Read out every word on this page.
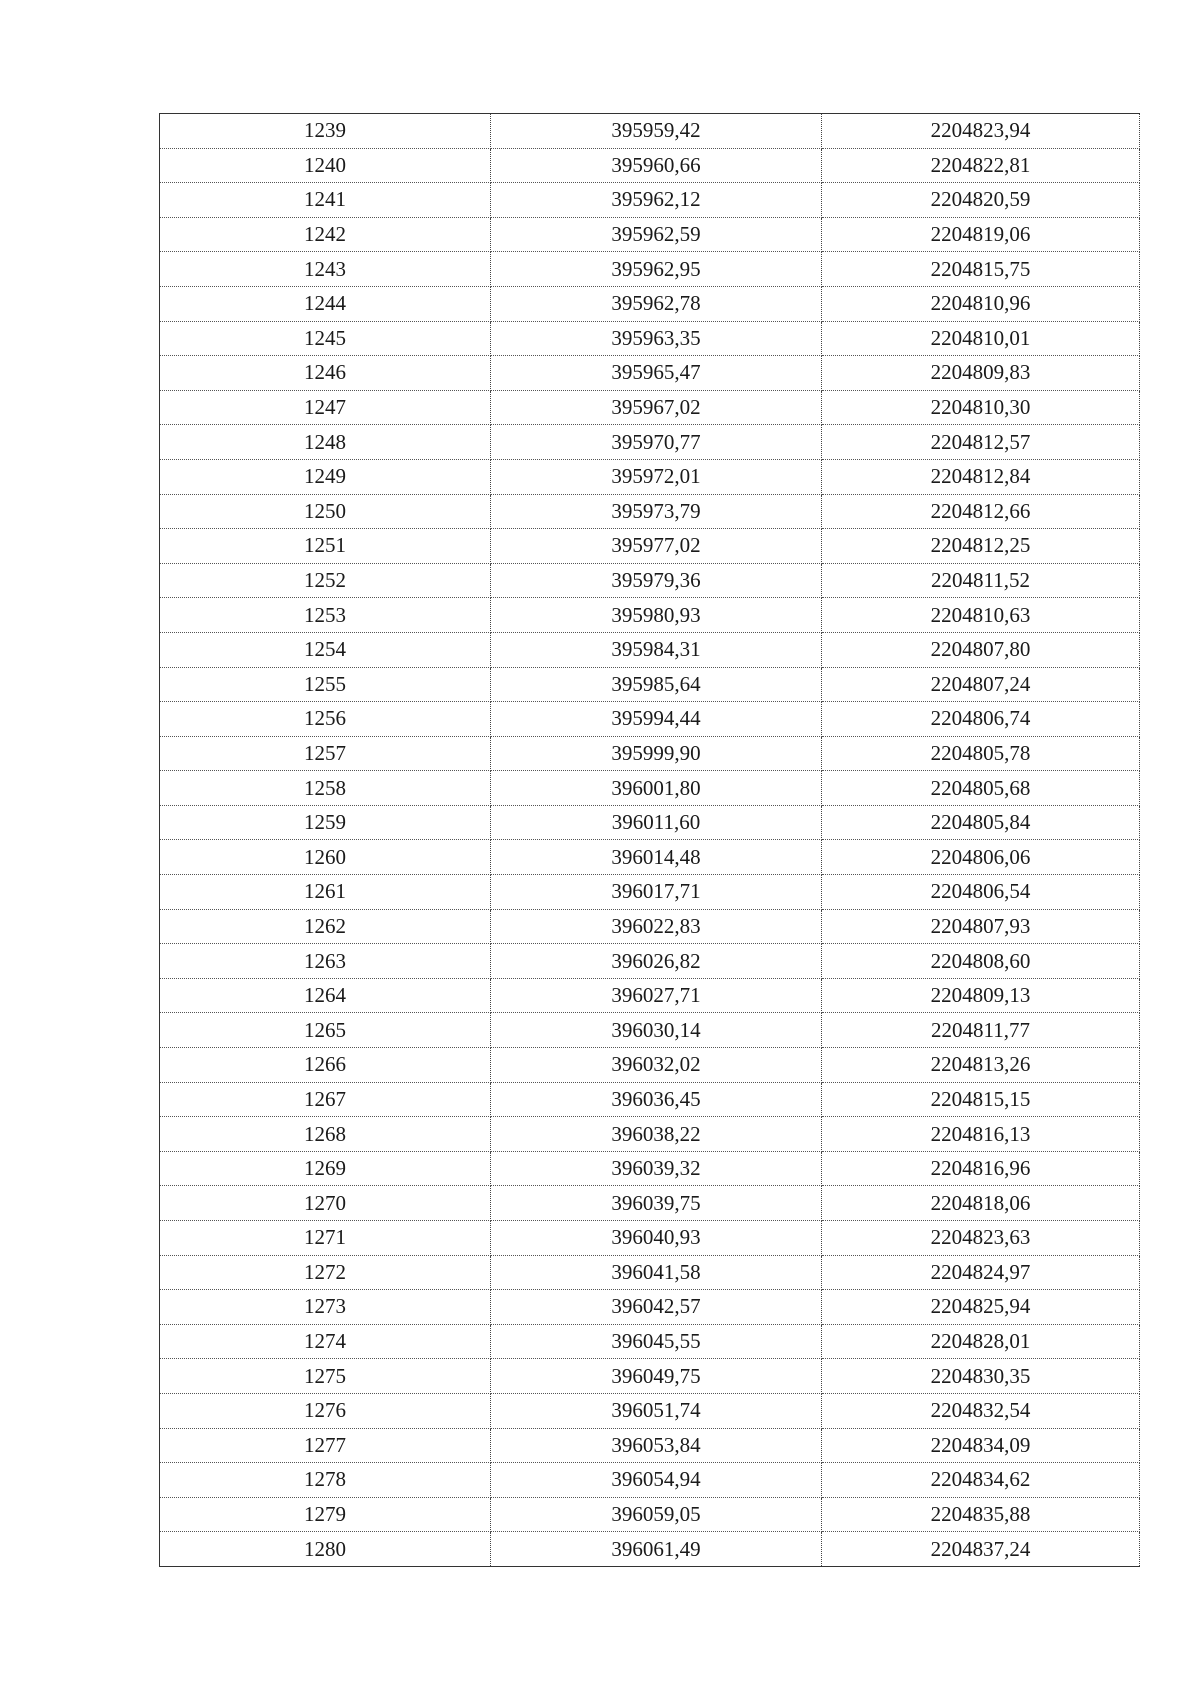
1239	395959,42	2204823,94
1240	395960,66	2204822,81
1241	395962,12	2204820,59
1242	395962,59	2204819,06
1243	395962,95	2204815,75
1244	395962,78	2204810,96
1245	395963,35	2204810,01
1246	395965,47	2204809,83
1247	395967,02	2204810,30
1248	395970,77	2204812,57
1249	395972,01	2204812,84
1250	395973,79	2204812,66
1251	395977,02	2204812,25
1252	395979,36	2204811,52
1253	395980,93	2204810,63
1254	395984,31	2204807,80
1255	395985,64	2204807,24
1256	395994,44	2204806,74
1257	395999,90	2204805,78
1258	396001,80	2204805,68
1259	396011,60	2204805,84
1260	396014,48	2204806,06
1261	396017,71	2204806,54
1262	396022,83	2204807,93
1263	396026,82	2204808,60
1264	396027,71	2204809,13
1265	396030,14	2204811,77
1266	396032,02	2204813,26
1267	396036,45	2204815,15
1268	396038,22	2204816,13
1269	396039,32	2204816,96
1270	396039,75	2204818,06
1271	396040,93	2204823,63
1272	396041,58	2204824,97
1273	396042,57	2204825,94
1274	396045,55	2204828,01
1275	396049,75	2204830,35
1276	396051,74	2204832,54
1277	396053,84	2204834,09
1278	396054,94	2204834,62
1279	396059,05	2204835,88
1280	396061,49	2204837,24
